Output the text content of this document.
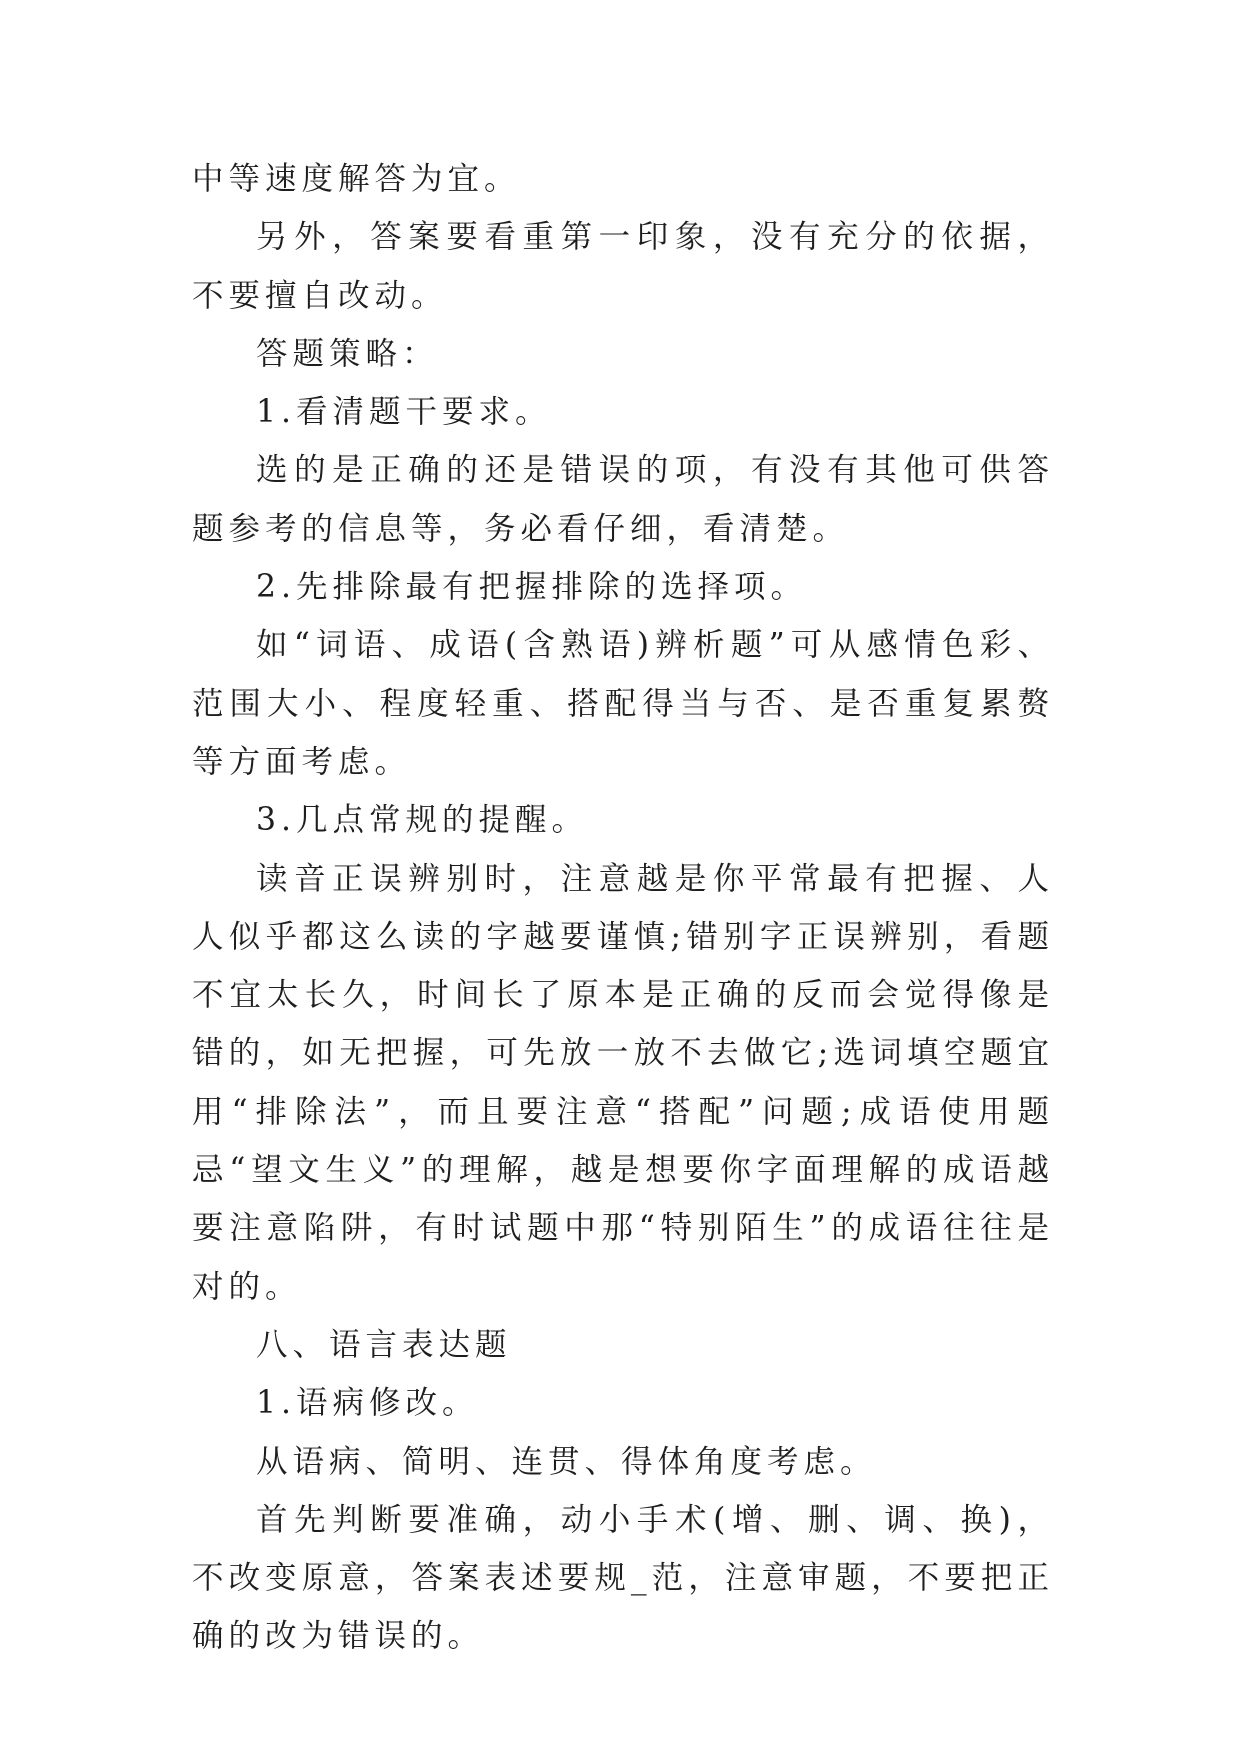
中等速度解答为宜。

另外，答案要看重第一印象，没有充分的依据，不要擅自改动。

答题策略：

1.看清题干要求。

选的是正确的还是错误的项，有没有其他可供答题参考的信息等，务必看仔细，看清楚。

2.先排除最有把握排除的选择项。

如“词语、成语(含熟语)辨析题”可从感情色彩、范围大小、程度轻重、搭配得当与否、是否重复累赘等方面考虑。

3.几点常规的提醒。

读音正误辨别时，注意越是你平常最有把握、人人似乎都这么读的字越要谨慎;错别字正误辨别，看题不宜太长久，时间长了原本是正确的反而会觉得像是错的，如无把握，可先放一放不去做它;选词填空题宜用“排除法”，而且要注意“搭配”问题;成语使用题忌“望文生义”的理解，越是想要你字面理解的成语越要注意陷阱，有时试题中那“特别陌生”的成语往往是对的。

八、语言表达题

1.语病修改。

从语病、简明、连贯、得体角度考虑。

首先判断要准确，动小手术(增、删、调、换)，不改变原意，答案表述要规_范，注意审题，不要把正确的改为错误的。
